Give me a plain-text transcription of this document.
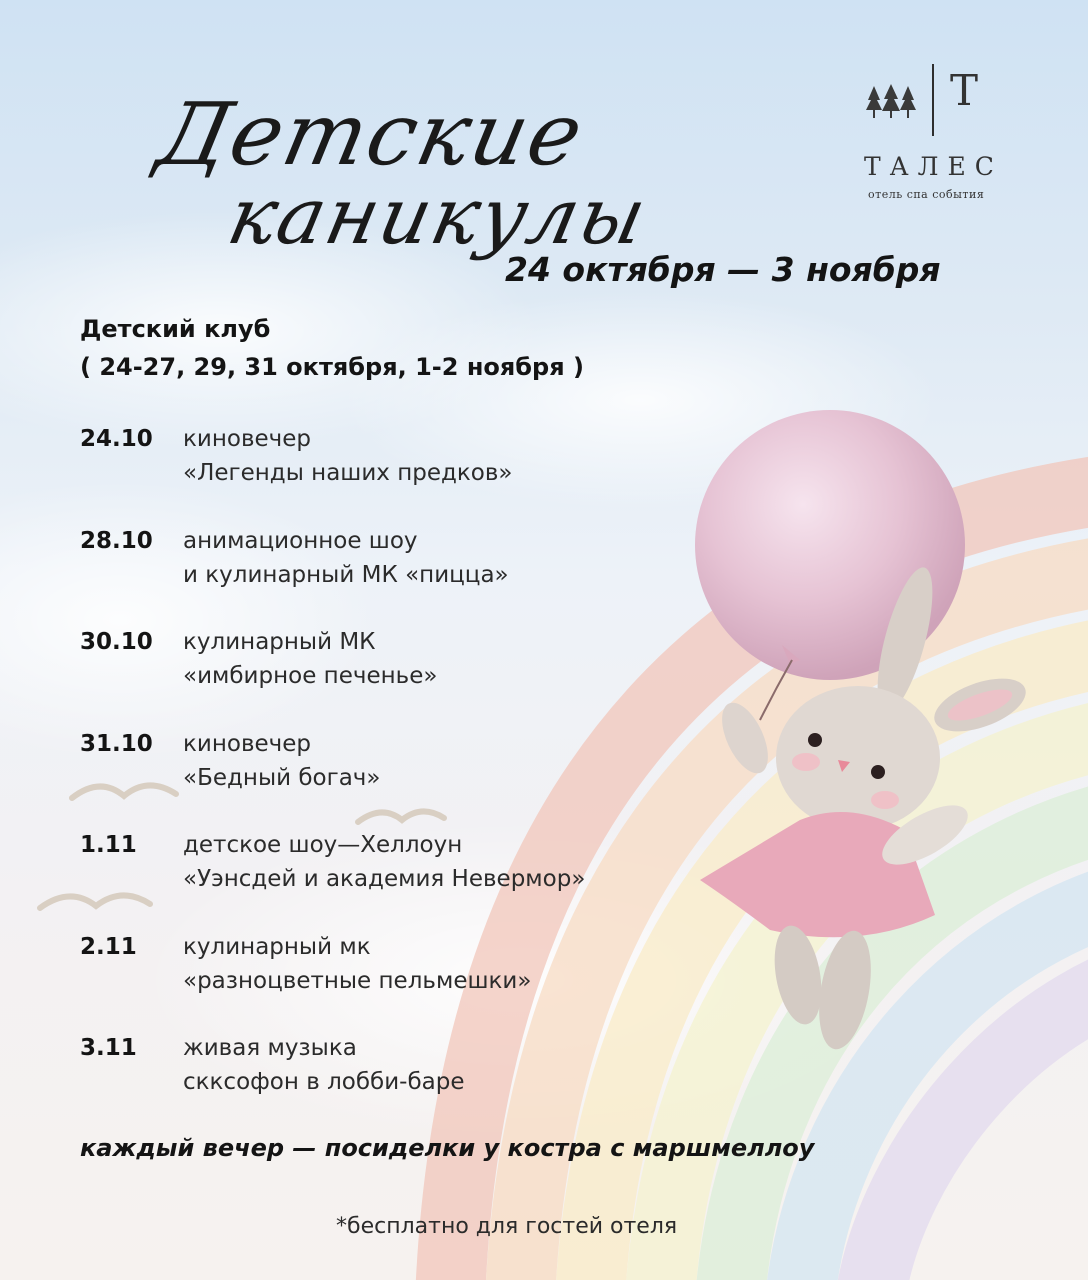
Детские
каникулы
24 октября — 3 ноября
Т
ТАЛЕС
отель спа события
Детский клуб
( 24-27, 29, 31 октября, 1-2 ноября )
24.10 киновечер
«Легенды наших предков»
28.10 анимационное шоу
и кулинарный МК «пицца»
30.10 кулинарный МК
«имбирное печенье»
31.10 киновечер
«Бедный богач»
1.11 детское шоу—Хеллоун
«Уэнсдей и академия Невермор»
2.11 кулинарный мк
«разноцветные пельмешки»
3.11 живая музыка
скксофон в лобби-баре
каждый вечер — посиделки у костра с маршмеллоу
*бесплатно для гостей отеля
